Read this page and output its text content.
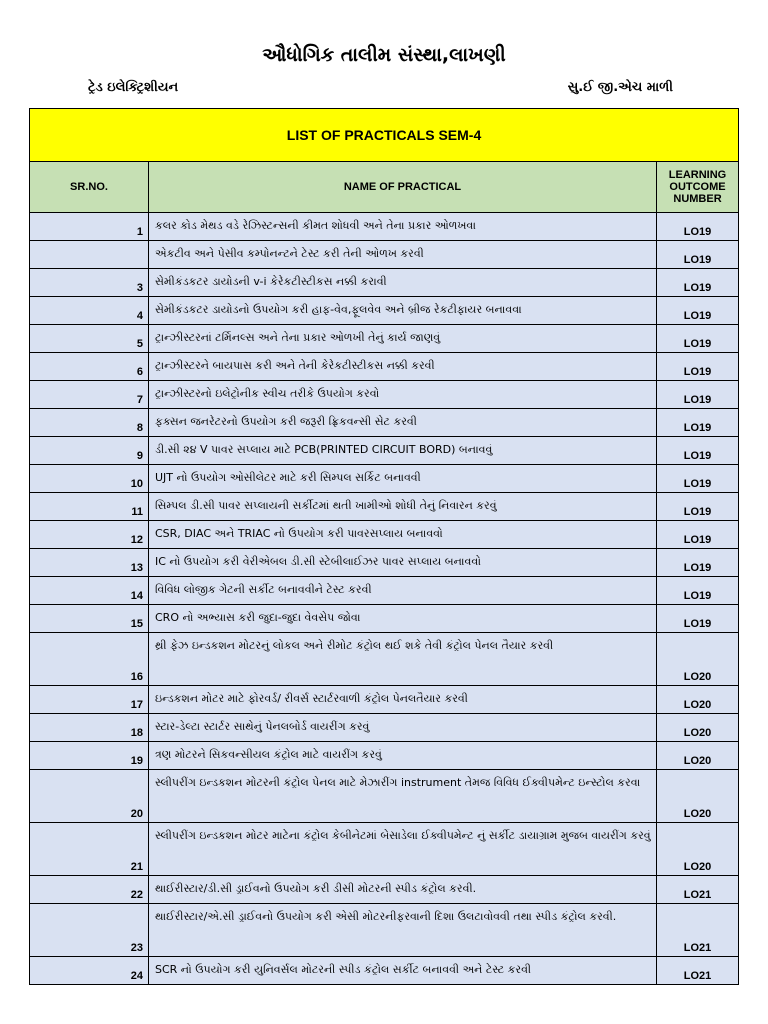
ઔધોગિક તાલીમ સંસ્થા,લાખણી
ટ્રેડ ઇલેક્ટ્રિશીયન	સુ.ઈ જી.એચ માળી
LIST OF PRACTICALS SEM-4		
SR.NO.	NAME OF PRACTICAL	LEARNING OUTCOME NUMBER
1	કલર કોડ મેથડ વડે રેઝિસ્ટન્સની કીમત શોધવી અને તેના પ્રકાર ઓળખવા	LO19
	એકટીવ અને પેસીવ કમ્પોનન્ટને ટેસ્ટ કરી તેની ઓળખ કરવી	LO19
3	સેમીકંડકટર ડાયોડની v-i કેરેકટીસ્ટીકસ નક્કી કરાવી	LO19
4	સેમીકંડકટર ડાયોડનો ઉપયોગ કરી હાફ-વેવ,ફૂલવેવ અને બ્રીજ રેકટીફાયર બનાવવા	LO19
5	ટ્રાન્ઝીસ્ટરનાં ટર્મિનલ્સ અને તેના પ્રકાર ઓળખી તેનું કાર્ય જાણવું	LO19
6	ટ્રાન્ઝીસ્ટરને બાયપાસ કરી અને તેની કેરેકટીસ્ટીકસ નક્કી કરવી	LO19
7	ટ્રાન્ઝીસ્ટરનો ઇલેટ્રોનીક સ્વીચ તરીકે ઉપયોગ કરવો	LO19
8	ફક્સન જનરેટરનો ઉપયોગ કરી જરૂરી ફ્રિકવન્સી સેટ કરવી	LO19
9	ડી.સી ૨૪ V પાવર સપ્લાય માટે PCB(PRINTED CIRCUIT BORD) બનાવવું	LO19
10	UJT નો ઉપયોગ ઓસીલેટર માટે કરી સિમ્પલ સર્કિટ બનાવવી	LO19
11	સિમ્પલ ડી.સી પાવર સપ્લાયની સર્કીટમાં થતી ખામીઓ શોધી તેનું નિવારન કરવું	LO19
12	CSR, DIAC અને TRIAC નો ઉપયોગ કરી પાવરસપ્લાય બનાવવો	LO19
13	IC નો ઉપયોગ કરી વેરીએબલ ડી.સી સ્ટેબીલાઈઝર પાવર સપ્લાય બનાવવો	LO19
14	વિવિધ લોજીક ગેટની સર્કીટ બનાવવીને ટેસ્ટ કરવી	LO19
15	CRO નો અભ્યાસ કરી જુદા-જુદા વેવસેપ જોવા	LO19
16	થ્રી ફેઝ ઇન્ડકશન મોટરનું લોકલ અને રીમોટ કંટ્રોલ થઈ શકે તેવી કંટ્રોલ પેનલ તૈયાર કરવી	LO20
17	ઇન્ડકશન મોટર માટે ફોરવર્ડ/ રીવર્સ સ્ટાર્ટરવાળી કંટ્રોલ પેનલતૈયાર કરવી	LO20
18	સ્ટાર-ડેલ્ટા સ્ટાર્ટર સાથેનું પેનલબોર્ડ વાયરીંગ કરવું	LO20
19	ત્રણ મોટરને સિકવન્સીયલ કંટ્રોલ માટે વાયરીંગ કરવું	LO20
20	સ્લીપરીંગ ઇન્ડકશન મોટરની કંટ્રોલ પેનલ માટે મેઝારીંગ instrument તેમજ વિવિધ ઈક્વીપમેન્ટ ઇન્સ્ટોલ કરવા	LO20
21	સ્લીપરીંગ ઇન્ડકશન મોટર માટેના કંટ્રોલ કેબીનેટમાં બેસાડેલા ઈક્વીપમેન્ટ નું સર્કીટ ડાયાગ્રામ મુજબ વાયરીંગ કરવું	LO20
22	થાઈરીસ્ટાર/ડી.સી ડ્રાઈવનો ઉપયોગ કરી ડીસી મોટરની સ્પીડ કંટ્રોલ કરવી.	LO21
23	થાઈરીસ્ટાર/એ.સી ડ્રાઈવનો ઉપયોગ કરી એસી મોટરનીફરવાની દિશા ઉલટાવોવવી તથા સ્પીડ કંટ્રોલ કરવી.	LO21
24	SCR નો ઉપયોગ કરી યુનિવર્સલ મોટરની સ્પીડ કંટ્રોલ સર્કીટ બનાવવી અને ટેસ્ટ કરવી	LO21
